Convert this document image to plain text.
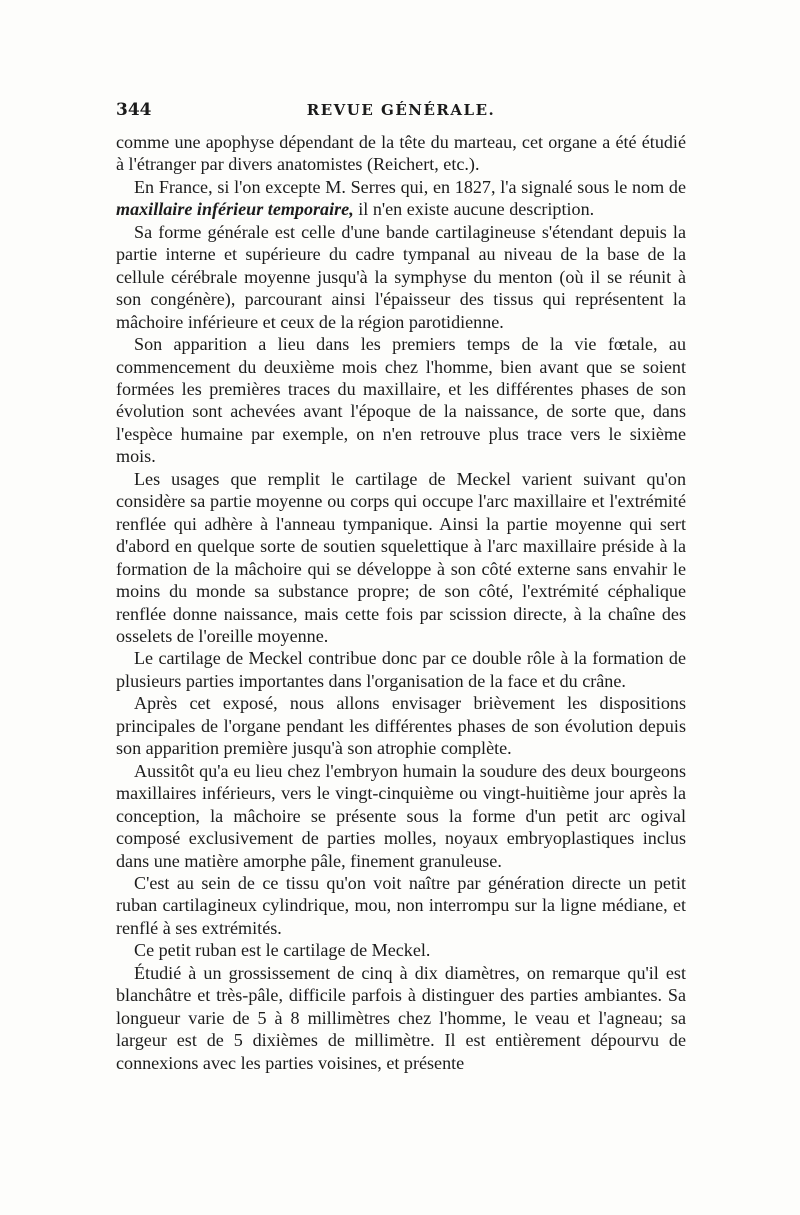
344	REVUE GÉNÉRALE.

comme une apophyse dépendant de la tête du marteau, cet organe a été étudié à l'étranger par divers anatomistes (Reichert, etc.).

En France, si l'on excepte M. Serres qui, en 1827, l'a signalé sous le nom de maxillaire inférieur temporaire, il n'en existe aucune description.

Sa forme générale est celle d'une bande cartilagineuse s'étendant depuis la partie interne et supérieure du cadre tympanal au niveau de la base de la cellule cérébrale moyenne jusqu'à la symphyse du menton (où il se réunit à son congénère), parcourant ainsi l'épaisseur des tissus qui représentent la mâchoire inférieure et ceux de la région parotidienne.

Son apparition a lieu dans les premiers temps de la vie fœtale, au commencement du deuxième mois chez l'homme, bien avant que se soient formées les premières traces du maxillaire, et les différentes phases de son évolution sont achevées avant l'époque de la naissance, de sorte que, dans l'espèce humaine par exemple, on n'en retrouve plus trace vers le sixième mois.

Les usages que remplit le cartilage de Meckel varient suivant qu'on considère sa partie moyenne ou corps qui occupe l'arc maxillaire et l'extrémité renflée qui adhère à l'anneau tympanique. Ainsi la partie moyenne qui sert d'abord en quelque sorte de soutien squelettique à l'arc maxillaire préside à la formation de la mâchoire qui se développe à son côté externe sans envahir le moins du monde sa substance propre; de son côté, l'extrémité céphalique renflée donne naissance, mais cette fois par scission directe, à la chaîne des osselets de l'oreille moyenne.

Le cartilage de Meckel contribue donc par ce double rôle à la formation de plusieurs parties importantes dans l'organisation de la face et du crâne.

Après cet exposé, nous allons envisager brièvement les dispositions principales de l'organe pendant les différentes phases de son évolution depuis son apparition première jusqu'à son atrophie complète.

Aussitôt qu'a eu lieu chez l'embryon humain la soudure des deux bourgeons maxillaires inférieurs, vers le vingt-cinquième ou vingt-huitième jour après la conception, la mâchoire se présente sous la forme d'un petit arc ogival composé exclusivement de parties molles, noyaux embryoplastiques inclus dans une matière amorphe pâle, finement granuleuse.

C'est au sein de ce tissu qu'on voit naître par génération directe un petit ruban cartilagineux cylindrique, mou, non interrompu sur la ligne médiane, et renflé à ses extrémités.

Ce petit ruban est le cartilage de Meckel.

Étudié à un grossissement de cinq à dix diamètres, on remarque qu'il est blanchâtre et très-pâle, difficile parfois à distinguer des parties ambiantes. Sa longueur varie de 5 à 8 millimètres chez l'homme, le veau et l'agneau; sa largeur est de 5 dixièmes de millimètre. Il est entièrement dépourvu de connexions avec les parties voisines, et présente
